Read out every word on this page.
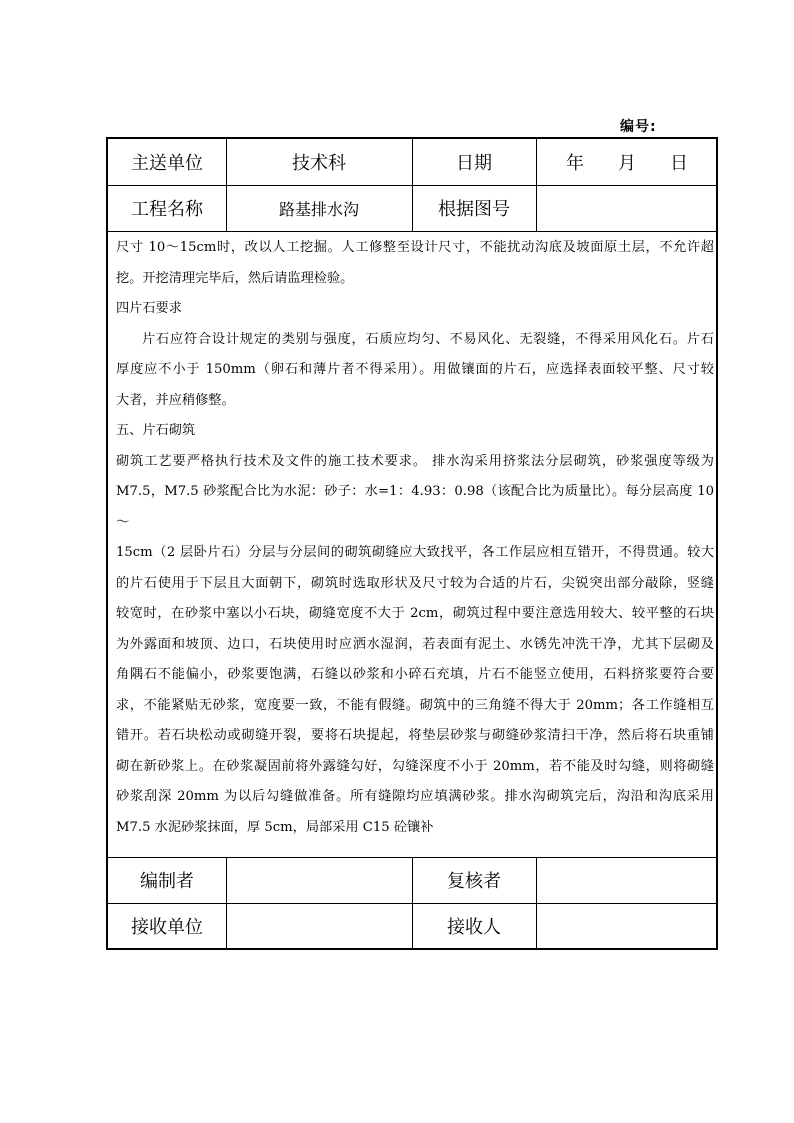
编号:
主送单位	技术科	日期	年 月 日
工程名称	路基排水沟	根据图号

尺寸 10～15cm时，改以人工挖掘。人工修整至设计尺寸，不能扰动沟底及坡面原土层，不允许超

挖。开挖清理完毕后，然后请监理检验。

四片石要求

片石应符合设计规定的类别与强度，石质应均匀、不易风化、无裂缝，不得采用风化石。片石

厚度应不小于 150mm（卵石和薄片者不得采用）。用做镶面的片石，应选择表面较平整、尺寸较

大者，并应稍修整。

五、片石砌筑

砌筑工艺要严格执行技术及文件的施工技术要求。 排水沟采用挤浆法分层砌筑，砂浆强度等级为

M7.5，M7.5 砂浆配合比为水泥：砂子：水=1：4.93：0.98（该配合比为质量比）。每分层高度 10～

15cm（2 层卧片石）分层与分层间的砌筑砌缝应大致找平，各工作层应相互错开，不得贯通。较大

的片石使用于下层且大面朝下，砌筑时选取形状及尺寸较为合适的片石，尖锐突出部分敲除，竖缝

较宽时，在砂浆中塞以小石块，砌缝宽度不大于 2cm，砌筑过程中要注意选用较大、较平整的石块

为外露面和坡顶、边口，石块使用时应洒水湿润，若表面有泥土、水锈先冲洗干净，尤其下层砌及

角隅石不能偏小，砂浆要饱满，石缝以砂浆和小碎石充填，片石不能竖立使用，石料挤浆要符合要

求，不能紧贴无砂浆，宽度要一致，不能有假缝。砌筑中的三角缝不得大于 20mm；各工作缝相互

错开。若石块松动或砌缝开裂，要将石块提起，将垫层砂浆与砌缝砂浆清扫干净，然后将石块重铺

砌在新砂浆上。在砂浆凝固前将外露缝勾好，勾缝深度不小于 20mm，若不能及时勾缝，则将砌缝

砂浆刮深 20mm 为以后勾缝做准备。所有缝隙均应填满砂浆。排水沟砌筑完后，沟沿和沟底采用

M7.5 水泥砂浆抹面，厚 5cm，局部采用 C15 砼镶补

编制者	复核者
接收单位	接收人
